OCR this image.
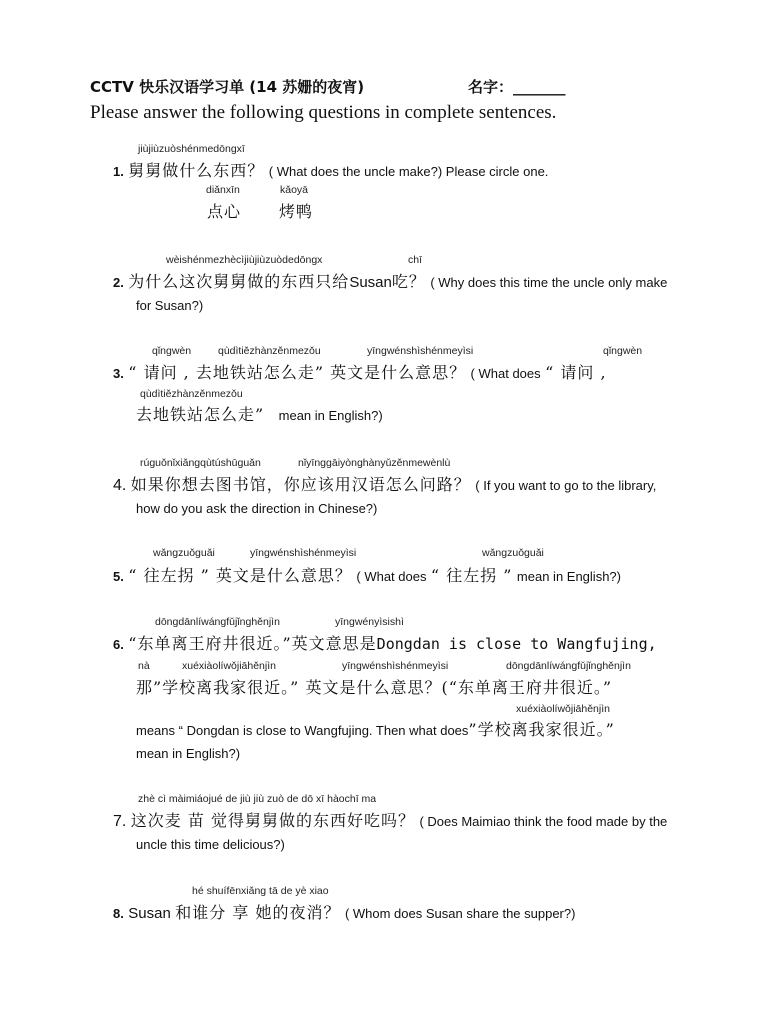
CCTV 快乐汉语学习单 (14 苏姗的夜宵)	名字：_______
Please answer the following questions in complete sentences.
jiùjiùzuòshénmedōngxī
1. 舅舅做什么东西？ ( What does the uncle make?) Please circle one.
diǎnxīn
点心
kǎoyā
烤鸭
wèishénmezhècìjiùjiùzuòdedōngx	chī
2. 为什么这次舅舅做的东西只给Susan吃？ ( Why does this time the uncle only make
for Susan?)
qǐngwèn	qùdìtiězhànzěnmezǒu	yīngwénshìshénmeyìsi	qǐngwèn
3. “ 请问 , 去地铁站怎么走” 英文是什么意思？ ( What does “ 请问 ,
qùdìtiězhànzěnmezǒu
去地铁站怎么走” mean in English?)
rúguǒnǐxiǎngqùtúshūguǎn	nǐyīnggāiyònghànyǔzěnmewènlù
4. 如果你想去图书馆，你应该用汉语怎么问路？ ( If you want to go to the library,
how do you ask the direction in Chinese?)
wǎngzuǒguǎi	yīngwénshìshénmeyìsi	wǎngzuǒguǎi
5. “ 往左拐 ” 英文是什么意思？ ( What does “ 往左拐 ” mean in English?)
dōngdānlíwángfǔjǐnghěnjìn	yīngwényìsishì
6. “东单离王府井很近。”英文意思是Dongdan is close to Wangfujing,
nà	xuéxiàolíwǒjiāhěnjìn	yīngwénshìshénmeyìsi	dōngdānlíwángfǔjǐnghěnjìn
那”学校离我家很近。” 英文是什么意思？(“东单离王府井很近。”
xuéxiàolíwǒjiāhěnjìn
means “ Dongdan is close to Wangfujing. Then what does”学校离我家很近。”
mean in English?)
zhè cì màimiáojué de jiù jiù zuò de dō xī hàochī ma
7. 这次麦 苗 觉得舅舅做的东西好吃吗？ ( Does Maimiao think the food made by the
uncle this time delicious?)
hé shuífēnxiǎng tā de yè xiao
8. Susan 和谁分 享 她的夜消？ ( Whom does Susan share the supper?)
